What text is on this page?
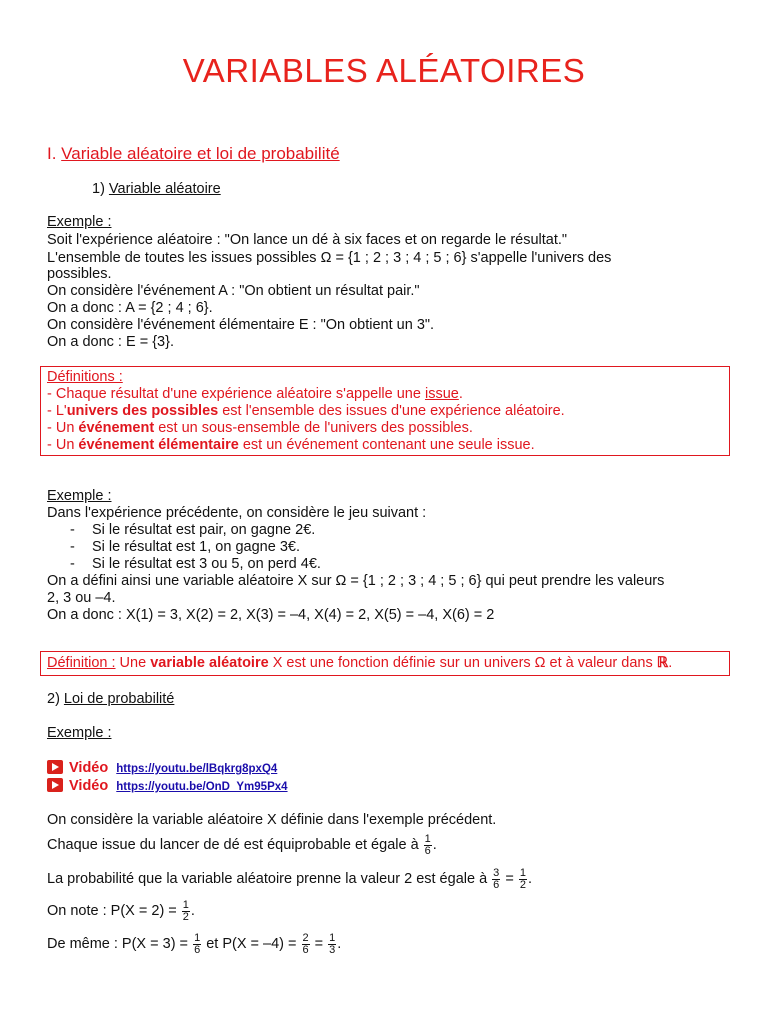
VARIABLES ALÉATOIRES
I. Variable aléatoire et loi de probabilité
1) Variable aléatoire
Exemple :
Soit l'expérience aléatoire : "On lance un dé à six faces et on regarde le résultat."
L'ensemble de toutes les issues possibles Ω = {1 ; 2 ; 3 ; 4 ; 5 ; 6} s'appelle l'univers des
possibles.
On considère l'événement A : "On obtient un résultat pair."
On a donc : A = {2 ; 4 ; 6}.
On considère l'événement élémentaire E : "On obtient un 3".
On a donc : E = {3}.
Définitions :
- Chaque résultat d'une expérience aléatoire s'appelle une issue.
- L'univers des possibles est l'ensemble des issues d'une expérience aléatoire.
- Un événement est un sous-ensemble de l'univers des possibles.
- Un événement élémentaire est un événement contenant une seule issue.
Exemple :
Dans l'expérience précédente, on considère le jeu suivant :
- Si le résultat est pair, on gagne 2€.
- Si le résultat est 1, on gagne 3€.
- Si le résultat est 3 ou 5, on perd 4€.
On a défini ainsi une variable aléatoire X sur Ω = {1 ; 2 ; 3 ; 4 ; 5 ; 6} qui peut prendre les valeurs
2, 3 ou –4.
On a donc : X(1) = 3, X(2) = 2, X(3) = –4, X(4) = 2, X(5) = –4, X(6) = 2
Définition : Une variable aléatoire X est une fonction définie sur un univers Ω et à valeur dans ℝ.
2) Loi de probabilité
Exemple :
Vidéo https://youtu.be/lBqkrg8pxQ4
Vidéo https://youtu.be/OnD_Ym95Px4
On considère la variable aléatoire X définie dans l'exemple précédent.
Chaque issue du lancer de dé est équiprobable et égale à $\frac{1}{6}$ .
La probabilité que la variable aléatoire prenne la valeur 2 est égale à $\frac{3}{6} = \frac{1}{2}$ .
On note : $P(X = 2) = \frac{1}{2}$ .
De même : $P(X = 3) = \frac{1}{6}$ et $P(X = -4) = \frac{2}{6} = \frac{1}{3}$ .
